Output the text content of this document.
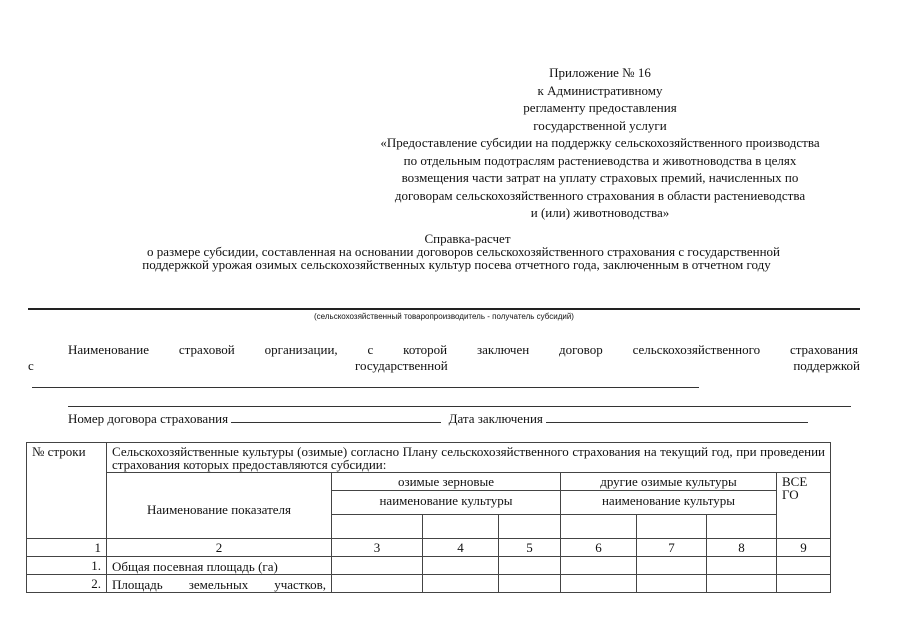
Приложение № 16
к Административному
регламенту предоставления
государственной услуги
«Предоставление субсидии на поддержку сельскохозяйственного производства
по отдельным подотраслям растениеводства и животноводства в целях
возмещения части затрат на уплату страховых премий, начисленных по
договорам сельскохозяйственного страхования в области растениеводства
и (или) животноводства»
Справка-расчет
о размере субсидии, составленная на основании договоров сельскохозяйственного страхования с государственной
поддержкой урожая озимых сельскохозяйственных культур посева отчетного года, заключенным в отчетном году
(сельскохозяйственный товаропроизводитель - получатель субсидий)
Наименование страховой организации, с которой заключен договор сельскохозяйственного страхования
с	государственной	поддержкой
Номер договора страхования	Дата заключения
№ строки	Сельскохозяйственные культуры (озимые) согласно Плану сельскохозяйственного страхования на текущий год, при проведении страхования которых предоставляются субсидии:							
	Наименование показателя	озимые зерновые			другие озимые культуры			ВСЕГО

		наименование культуры			наименование культуры			

1	2	3	4	5	6	7	8	9
1.	Общая посевная площадь (га)							
2.	Площадь земельных участков,							
